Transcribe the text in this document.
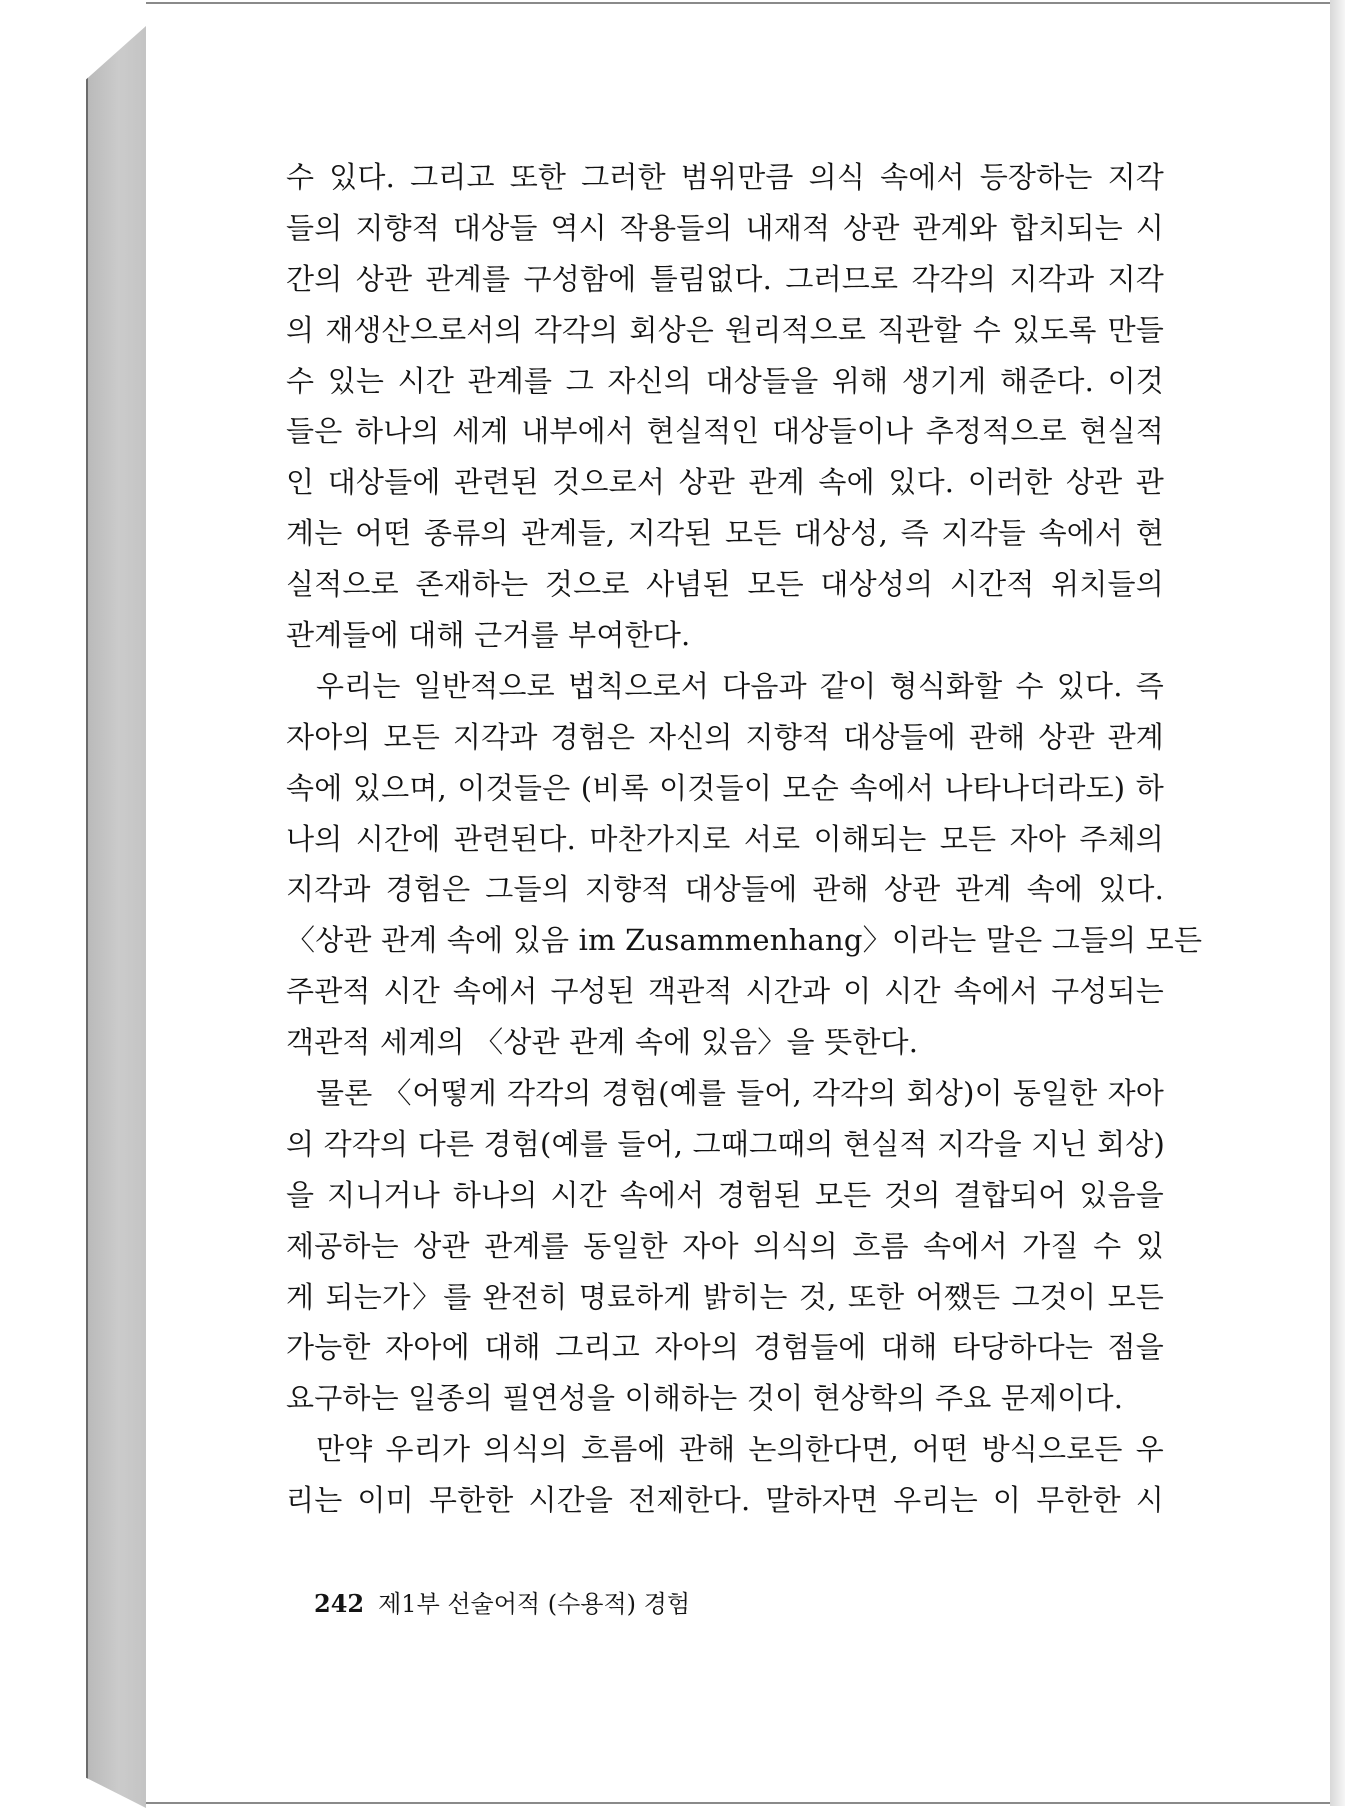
수 있다. 그리고 또한 그러한 범위만큼 의식 속에서 등장하는 지각
들의 지향적 대상들 역시 작용들의 내재적 상관 관계와 합치되는 시
간의 상관 관계를 구성함에 틀림없다. 그러므로 각각의 지각과 지각
의 재생산으로서의 각각의 회상은 원리적으로 직관할 수 있도록 만들
수 있는 시간 관계를 그 자신의 대상들을 위해 생기게 해준다. 이것
들은 하나의 세계 내부에서 현실적인 대상들이나 추정적으로 현실적
인 대상들에 관련된 것으로서 상관 관계 속에 있다. 이러한 상관 관
계는 어떤 종류의 관계들, 지각된 모든 대상성, 즉 지각들 속에서 현
실적으로 존재하는 것으로 사념된 모든 대상성의 시간적 위치들의
관계들에 대해 근거를 부여한다.
우리는 일반적으로 법칙으로서 다음과 같이 형식화할 수 있다. 즉
자아의 모든 지각과 경험은 자신의 지향적 대상들에 관해 상관 관계
속에 있으며, 이것들은 (비록 이것들이 모순 속에서 나타나더라도) 하
나의 시간에 관련된다. 마찬가지로 서로 이해되는 모든 자아 주체의
지각과 경험은 그들의 지향적 대상들에 관해 상관 관계 속에 있다.
〈상관 관계 속에 있음 im Zusammenhang〉이라는 말은 그들의 모든
주관적 시간 속에서 구성된 객관적 시간과 이 시간 속에서 구성되는
객관적 세계의 〈상관 관계 속에 있음〉을 뜻한다.
물론 〈어떻게 각각의 경험(예를 들어, 각각의 회상)이 동일한 자아
의 각각의 다른 경험(예를 들어, 그때그때의 현실적 지각을 지닌 회상)
을 지니거나 하나의 시간 속에서 경험된 모든 것의 결합되어 있음을
제공하는 상관 관계를 동일한 자아 의식의 흐름 속에서 가질 수 있
게 되는가〉를 완전히 명료하게 밝히는 것, 또한 어쨌든 그것이 모든
가능한 자아에 대해 그리고 자아의 경험들에 대해 타당하다는 점을
요구하는 일종의 필연성을 이해하는 것이 현상학의 주요 문제이다.
만약 우리가 의식의 흐름에 관해 논의한다면, 어떤 방식으로든 우
리는 이미 무한한 시간을 전제한다. 말하자면 우리는 이 무한한 시
242 제1부 선술어적 (수용적) 경험
